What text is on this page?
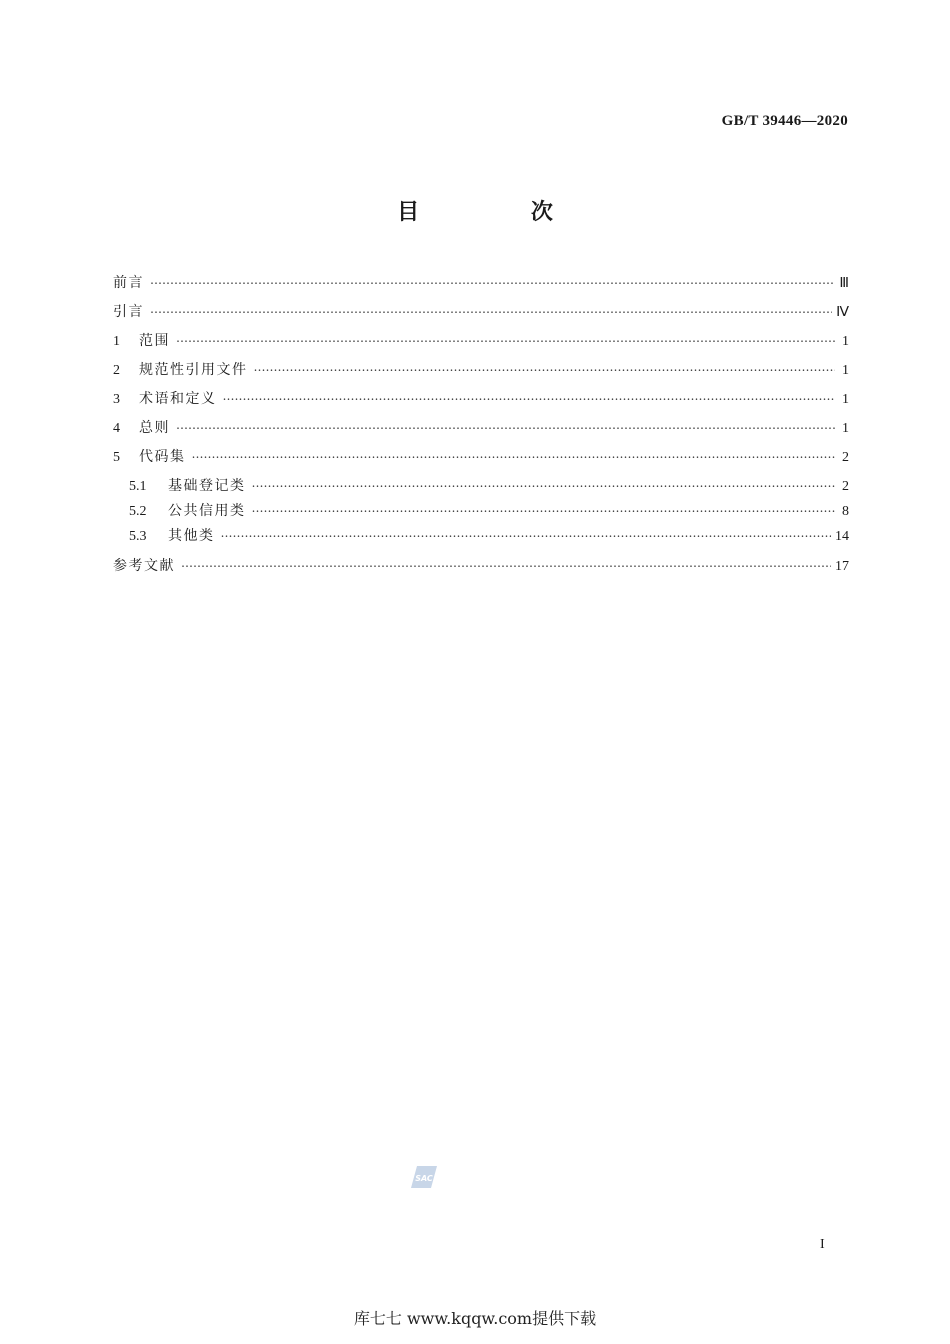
GB/T 39446—2020
目 次
前言 …………………………………………………………………………………………………………………………………………………………………………………………………………	Ⅲ
引言 …………………………………………………………………………………………………………………………………………………………………………………………………………	Ⅳ
1	范围 …………………………………………………………………………………………………………………………………………………………………………………………………………	1
2	规范性引用文件 …………………………………………………………………………………………………………………………………………………………………………………………………………	1
3	术语和定义 …………………………………………………………………………………………………………………………………………………………………………………………………………	1
4	总则 …………………………………………………………………………………………………………………………………………………………………………………………………………	1
5	代码集 …………………………………………………………………………………………………………………………………………………………………………………………………………	2
5.1	基础登记类 …………………………………………………………………………………………………………………………………………………………………………………………………………	2
5.2	公共信用类 …………………………………………………………………………………………………………………………………………………………………………………………………………	8
5.3	其他类 …………………………………………………………………………………………………………………………………………………………………………………………………………	14
参考文献 …………………………………………………………………………………………………………………………………………………………………………………………………………	17
SAC
I
库七七 www.kqqw.com提供下载
